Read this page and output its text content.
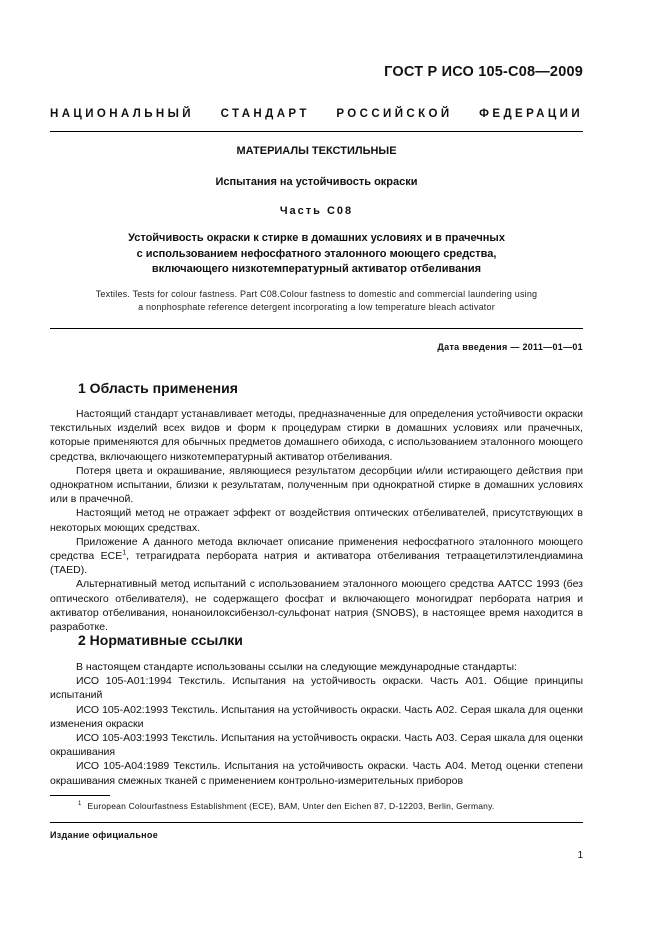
ГОСТ Р ИСО 105-C08—2009
НАЦИОНАЛЬНЫЙ СТАНДАРТ РОССИЙСКОЙ ФЕДЕРАЦИИ
МАТЕРИАЛЫ ТЕКСТИЛЬНЫЕ
Испытания на устойчивость окраски
Часть C08
Устойчивость окраски к стирке в домашних условиях и в прачечных
с использованием нефосфатного эталонного моющего средства,
включающего низкотемпературный активатор отбеливания
Textiles. Tests for colour fastness. Part C08.Colour fastness to domestic and commercial laundering using
a nonphosphate reference detergent incorporating a low temperature bleach activator
Дата введения — 2011—01—01
1 Область применения

Настоящий стандарт устанавливает методы, предназначенные для определения устойчивости окраски текстильных изделий всех видов и форм к процедурам стирки в домашних условиях или прачечных, которые применяются для обычных предметов домашнего обихода, с использованием эталонного моющего средства, включающего низкотемпературный активатор отбеливания.

Потеря цвета и окрашивание, являющиеся результатом десорбции и/или истирающего действия при однократном испытании, близки к результатам, полученным при однократной стирке в домашних условиях или в прачечной.

Настоящий метод не отражает эффект от воздействия оптических отбеливателей, присутствующих в некоторых моющих средствах.

Приложение А данного метода включает описание применения нефосфатного эталонного моющего средства ECE$^1$, тетрагидрата пербората натрия и активатора отбеливания тетраацетилэтилендиамина (TAED).

Альтернативный метод испытаний с использованием эталонного моющего средства AATCC 1993 (без оптического отбеливателя), не содержащего фосфат и включающего моногидрат пербората натрия и активатор отбеливания, нонаноилоксибензол-сульфонат натрия (SNOBS), в настоящее время находится в разработке.

2 Нормативные ссылки

В настоящем стандарте использованы ссылки на следующие международные стандарты:

ИСО 105-A01:1994 Текстиль. Испытания на устойчивость окраски. Часть A01. Общие принципы испытаний

ИСО 105-A02:1993 Текстиль. Испытания на устойчивость окраски. Часть A02. Серая шкала для оценки изменения окраски

ИСО 105-A03:1993 Текстиль. Испытания на устойчивость окраски. Часть A03. Серая шкала для оценки окрашивания

ИСО 105-A04:1989 Текстиль. Испытания на устойчивость окраски. Часть A04. Метод оценки степени окрашивания смежных тканей с применением контрольно-измерительных приборов

$^1$ European Colourfastness Establishment (ECE), BAM, Unter den Eichen 87, D-12203, Berlin, Germany.
Издание официальное
1
